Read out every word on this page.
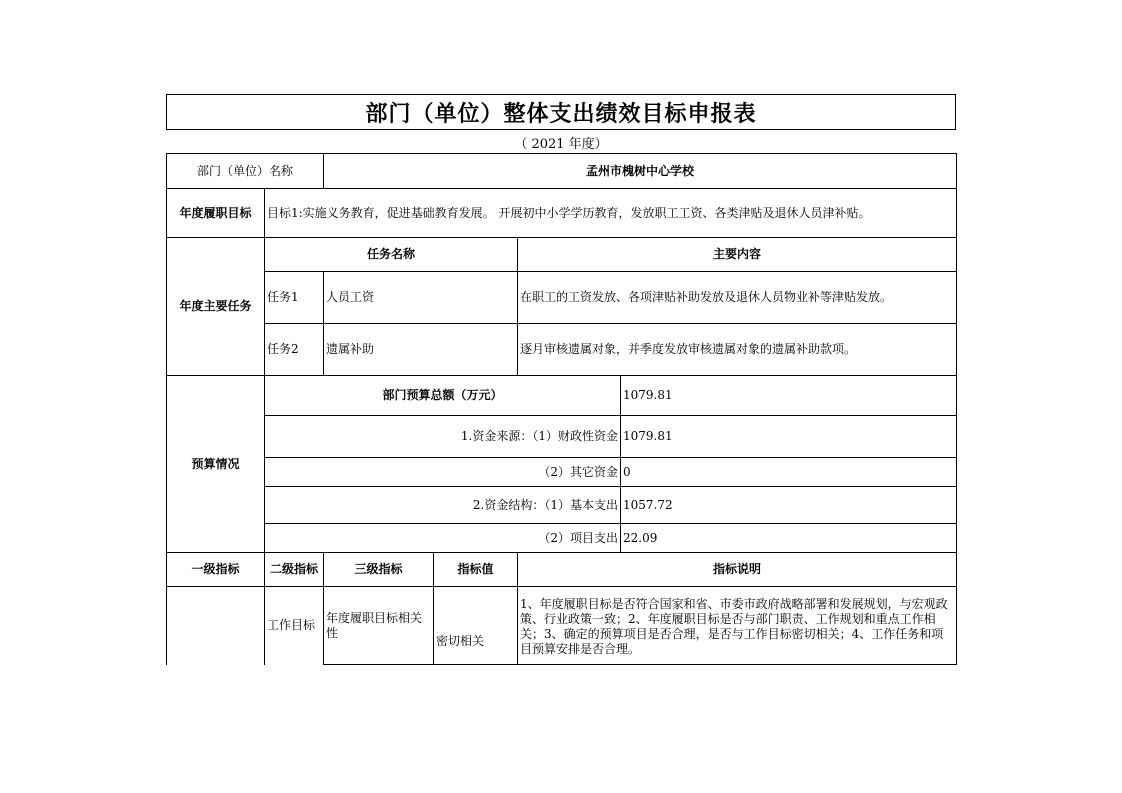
部门（单位）整体支出绩效目标申报表
（ 2021 年度）
部门（单位）名称		孟州市槐树中心学校			
年度履职目标	目标1:实施义务教育，促进基础教育发展。 开展初中小学学历教育，发放职工工资、各类津贴及退休人员津补贴。				
年度主要任务	任务名称			主要内容	
	任务1	人员工资		在职工的工资发放、各项津贴补助发放及退休人员物业补等津贴发放。	
	任务2	遗属补助		逐月审核遗属对象，并季度发放审核遗属对象的遗属补助款项。	
预算情况	部门预算总额（万元）				1079.81
	1.资金来源：（1）财政性资金				1079.81
	（2）其它资金				0
	2.资金结构：（1）基本支出				1057.72
	（2）项目支出				22.09
一级指标	二级指标	三级指标	指标值	指标说明	
	工作目标	年度履职目标相关性	密切相关	1、年度履职目标是否符合国家和省、市委市政府战略部署和发展规划，与宏观政策、行业政策一致；2、年度履职目标是否与部门职责、工作规划和重点工作相关；3、确定的预算项目是否合理，是否与工作目标密切相关；4、工作任务和项目预算安排是否合理。	
